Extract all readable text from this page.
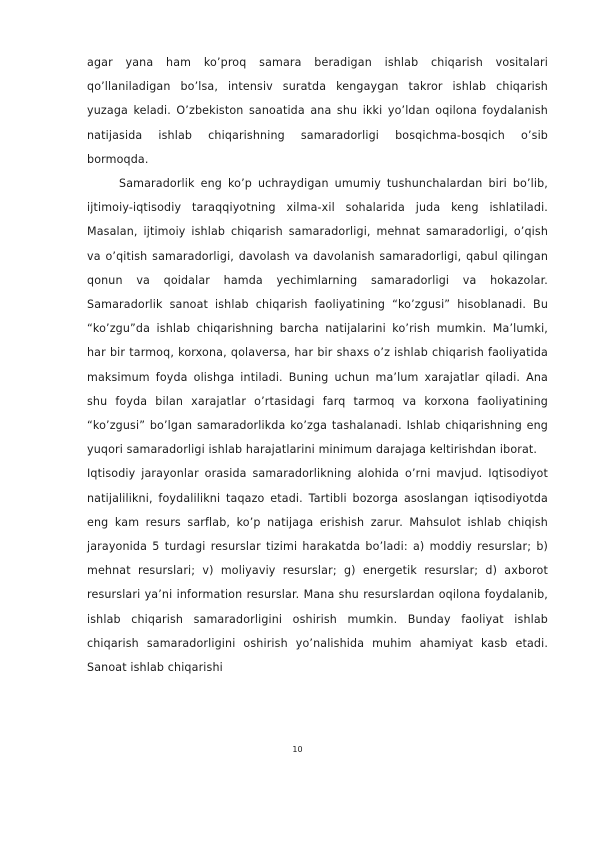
agar yana ham ko’proq samara beradigan ishlab chiqarish vositalari qo’llaniladigan bo’lsa, intensiv suratda kengaygan takror ishlab chiqarish yuzaga keladi. O’zbekiston sanoatida ana shu ikki yo’ldan oqilona foydalanish natijasida ishlab chiqarishning samaradorligi bosqichma-bosqich o’sib bormoqda.

Samaradorlik eng ko’p uchraydigan umumiy tushunchalardan biri bo’lib, ijtimoiy-iqtisodiy taraqqiyotning xilma-xil sohalarida juda keng ishlatiladi. Masalan, ijtimoiy ishlab chiqarish samaradorligi, mehnat samaradorligi, o’qish va o’qitish samaradorligi, davolash va davolanish samaradorligi, qabul qilingan qonun va qoidalar hamda yechimlarning samaradorligi va hokazolar. Samaradorlik sanoat ishlab chiqarish faoliyatining “ko’zgusi” hisoblanadi. Bu “ko’zgu”da ishlab chiqarishning barcha natijalarini ko’rish mumkin. Ma’lumki, har bir tarmoq, korxona, qolaversa, har bir shaxs o’z ishlab chiqarish faoliyatida maksimum foyda olishga intiladi. Buning uchun ma’lum xarajatlar qiladi. Ana shu foyda bilan xarajatlar o’rtasidagi farq tarmoq va korxona faoliyatining “ko’zgusi” bo’lgan samaradorlikda ko’zga tashalanadi. Ishlab chiqarishning eng yuqori samaradorligi ishlab harajatlarini minimum darajaga keltirishdan iborat.

Iqtisodiy jarayonlar orasida samaradorlikning alohida o’rni mavjud. Iqtisodiyot natijalilikni, foydalilikni taqazo etadi. Tartibli bozorga asoslangan iqtisodiyotda eng kam resurs sarflab, ko’p natijaga erishish zarur. Mahsulot ishlab chiqish jarayonida 5 turdagi resurslar tizimi harakatda bo’ladi: a) moddiy resurslar; b) mehnat resurslari; v) moliyaviy resurslar; g) energetik resurslar; d) axborot resurslari ya’ni information resurslar. Mana shu resurslardan oqilona foydalanib, ishlab chiqarish samaradorligini oshirish mumkin. Bunday faoliyat ishlab chiqarish samaradorligini oshirish yo’nalishida muhim ahamiyat kasb etadi. Sanoat ishlab chiqarishi

10
